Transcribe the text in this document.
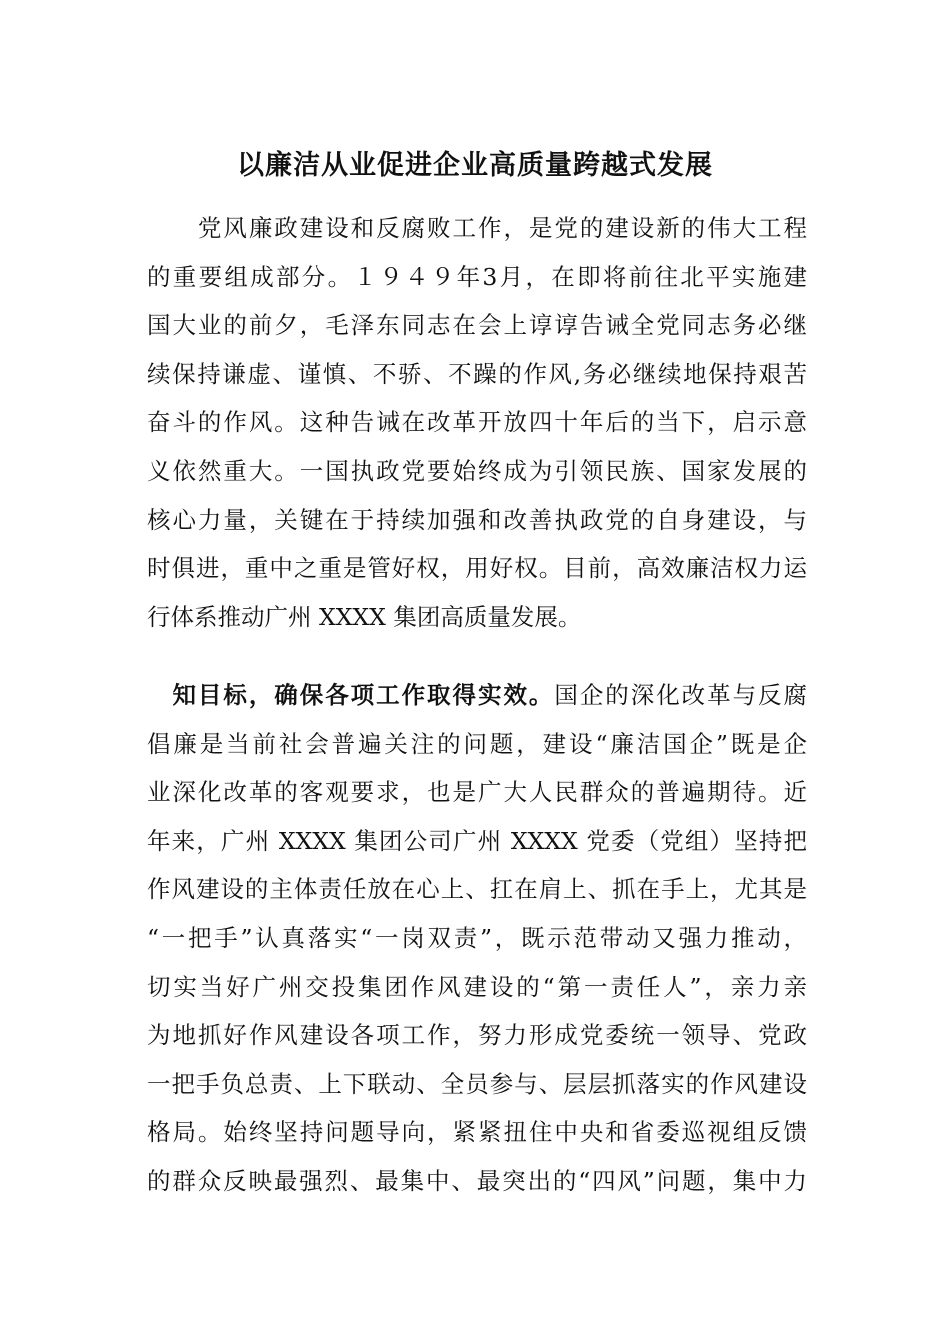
以廉洁从业促进企业高质量跨越式发展
　　党风廉政建设和反腐败工作，是党的建设新的伟大工程
的重要组成部分。１９４９年3月，在即将前往北平实施建
国大业的前夕，毛泽东同志在会上谆谆告诫全党同志务必继
续保持谦虚、谨慎、不骄、不躁的作风,务必继续地保持艰苦
奋斗的作风。这种告诫在改革开放四十年后的当下，启示意
义依然重大。一国执政党要始终成为引领民族、国家发展的
核心力量，关键在于持续加强和改善执政党的自身建设，与
时俱进，重中之重是管好权，用好权。目前，高效廉洁权力运
行体系推动广州 XXXX 集团高质量发展。
　知目标，确保各项工作取得实效。国企的深化改革与反腐
倡廉是当前社会普遍关注的问题，建设“廉洁国企”既是企
业深化改革的客观要求，也是广大人民群众的普遍期待。近
年来，广州 XXXX 集团公司广州 XXXX 党委（党组）坚持把
作风建设的主体责任放在心上、扛在肩上、抓在手上，尤其是
“一把手”认真落实“一岗双责”，既示范带动又强力推动，
切实当好广州交投集团作风建设的“第一责任人”，亲力亲
为地抓好作风建设各项工作，努力形成党委统一领导、党政
一把手负总责、上下联动、全员参与、层层抓落实的作风建设
格局。始终坚持问题导向，紧紧扭住中央和省委巡视组反馈
的群众反映最强烈、最集中、最突出的“四风”问题，集中力
